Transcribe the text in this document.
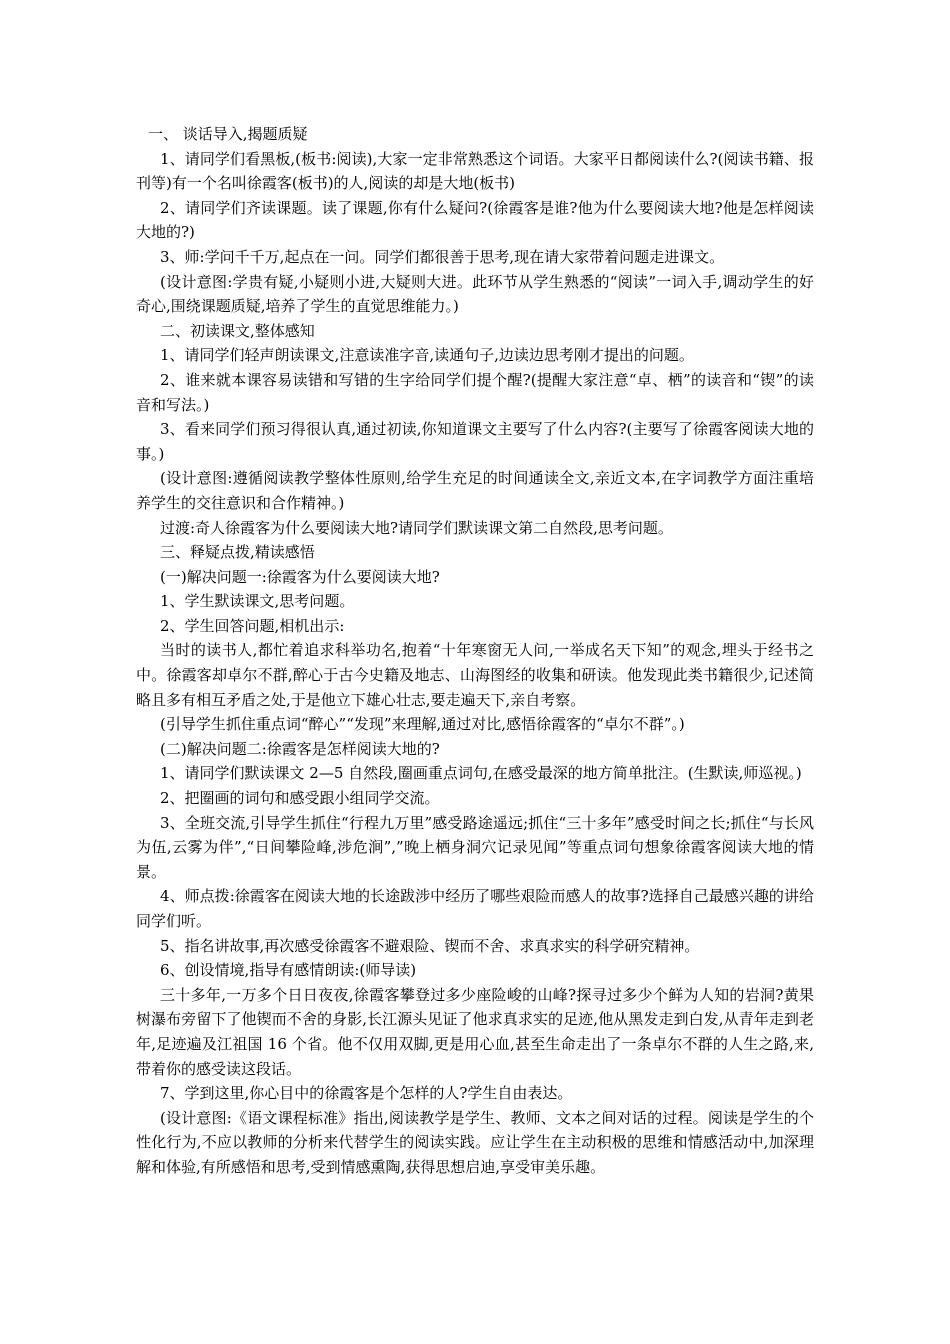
一、 谈话导入,揭题质疑

1、请同学们看黑板,(板书:阅读),大家一定非常熟悉这个词语。大家平日都阅读什么?(阅读书籍、报刊等)有一个名叫徐霞客(板书)的人,阅读的却是大地(板书)

2、请同学们齐读课题。读了课题,你有什么疑问?(徐霞客是谁?他为什么要阅读大地?他是怎样阅读大地的?)

3、师:学问千千万,起点在一问。同学们都很善于思考,现在请大家带着问题走进课文。

(设计意图:学贵有疑,小疑则小进,大疑则大进。此环节从学生熟悉的“阅读”一词入手,调动学生的好奇心,围绕课题质疑,培养了学生的直觉思维能力。)

二、初读课文,整体感知

1、请同学们轻声朗读课文,注意读准字音,读通句子,边读边思考刚才提出的问题。

2、谁来就本课容易读错和写错的生字给同学们提个醒?(提醒大家注意“卓、栖”的读音和“锲”的读音和写法。)

3、看来同学们预习得很认真,通过初读,你知道课文主要写了什么内容?(主要写了徐霞客阅读大地的事。)

(设计意图:遵循阅读教学整体性原则,给学生充足的时间通读全文,亲近文本,在字词教学方面注重培养学生的交往意识和合作精神。)

过渡:奇人徐霞客为什么要阅读大地?请同学们默读课文第二自然段,思考问题。

三、释疑点拨,精读感悟

(一)解决问题一:徐霞客为什么要阅读大地?

1、学生默读课文,思考问题。

2、学生回答问题,相机出示:

当时的读书人,都忙着追求科举功名,抱着“十年寒窗无人问,一举成名天下知”的观念,埋头于经书之中。徐霞客却卓尔不群,醉心于古今史籍及地志、山海图经的收集和研读。他发现此类书籍很少,记述简略且多有相互矛盾之处,于是他立下雄心壮志,要走遍天下,亲自考察。

(引导学生抓住重点词“醉心”“发现”来理解,通过对比,感悟徐霞客的“卓尔不群”。)

(二)解决问题二:徐霞客是怎样阅读大地的?

1、请同学们默读课文 2—5 自然段,圈画重点词句,在感受最深的地方简单批注。(生默读,师巡视。)

2、把圈画的词句和感受跟小组同学交流。

3、全班交流,引导学生抓住“行程九万里”感受路途遥远;抓住“三十多年”感受时间之长;抓住“与长风为伍,云雾为伴”,“日间攀险峰,涉危涧”,”晚上栖身洞穴记录见闻”等重点词句想象徐霞客阅读大地的情景。

4、师点拨:徐霞客在阅读大地的长途跋涉中经历了哪些艰险而感人的故事?选择自己最感兴趣的讲给同学们听。

5、指名讲故事,再次感受徐霞客不避艰险、锲而不舍、求真求实的科学研究精神。

6、创设情境,指导有感情朗读:(师导读)

三十多年,一万多个日日夜夜,徐霞客攀登过多少座险峻的山峰?探寻过多少个鲜为人知的岩洞?黄果树瀑布旁留下了他锲而不舍的身影,长江源头见证了他求真求实的足迹,他从黑发走到白发,从青年走到老年,足迹遍及江祖国 16 个省。他不仅用双脚,更是用心血,甚至生命走出了一条卓尔不群的人生之路,来,带着你的感受读这段话。

7、学到这里,你心目中的徐霞客是个怎样的人?学生自由表达。

(设计意图:《语文课程标准》指出,阅读教学是学生、教师、文本之间对话的过程。阅读是学生的个性化行为,不应以教师的分析来代替学生的阅读实践。应让学生在主动积极的思维和情感活动中,加深理解和体验,有所感悟和思考,受到情感熏陶,获得思想启迪,享受审美乐趣。
